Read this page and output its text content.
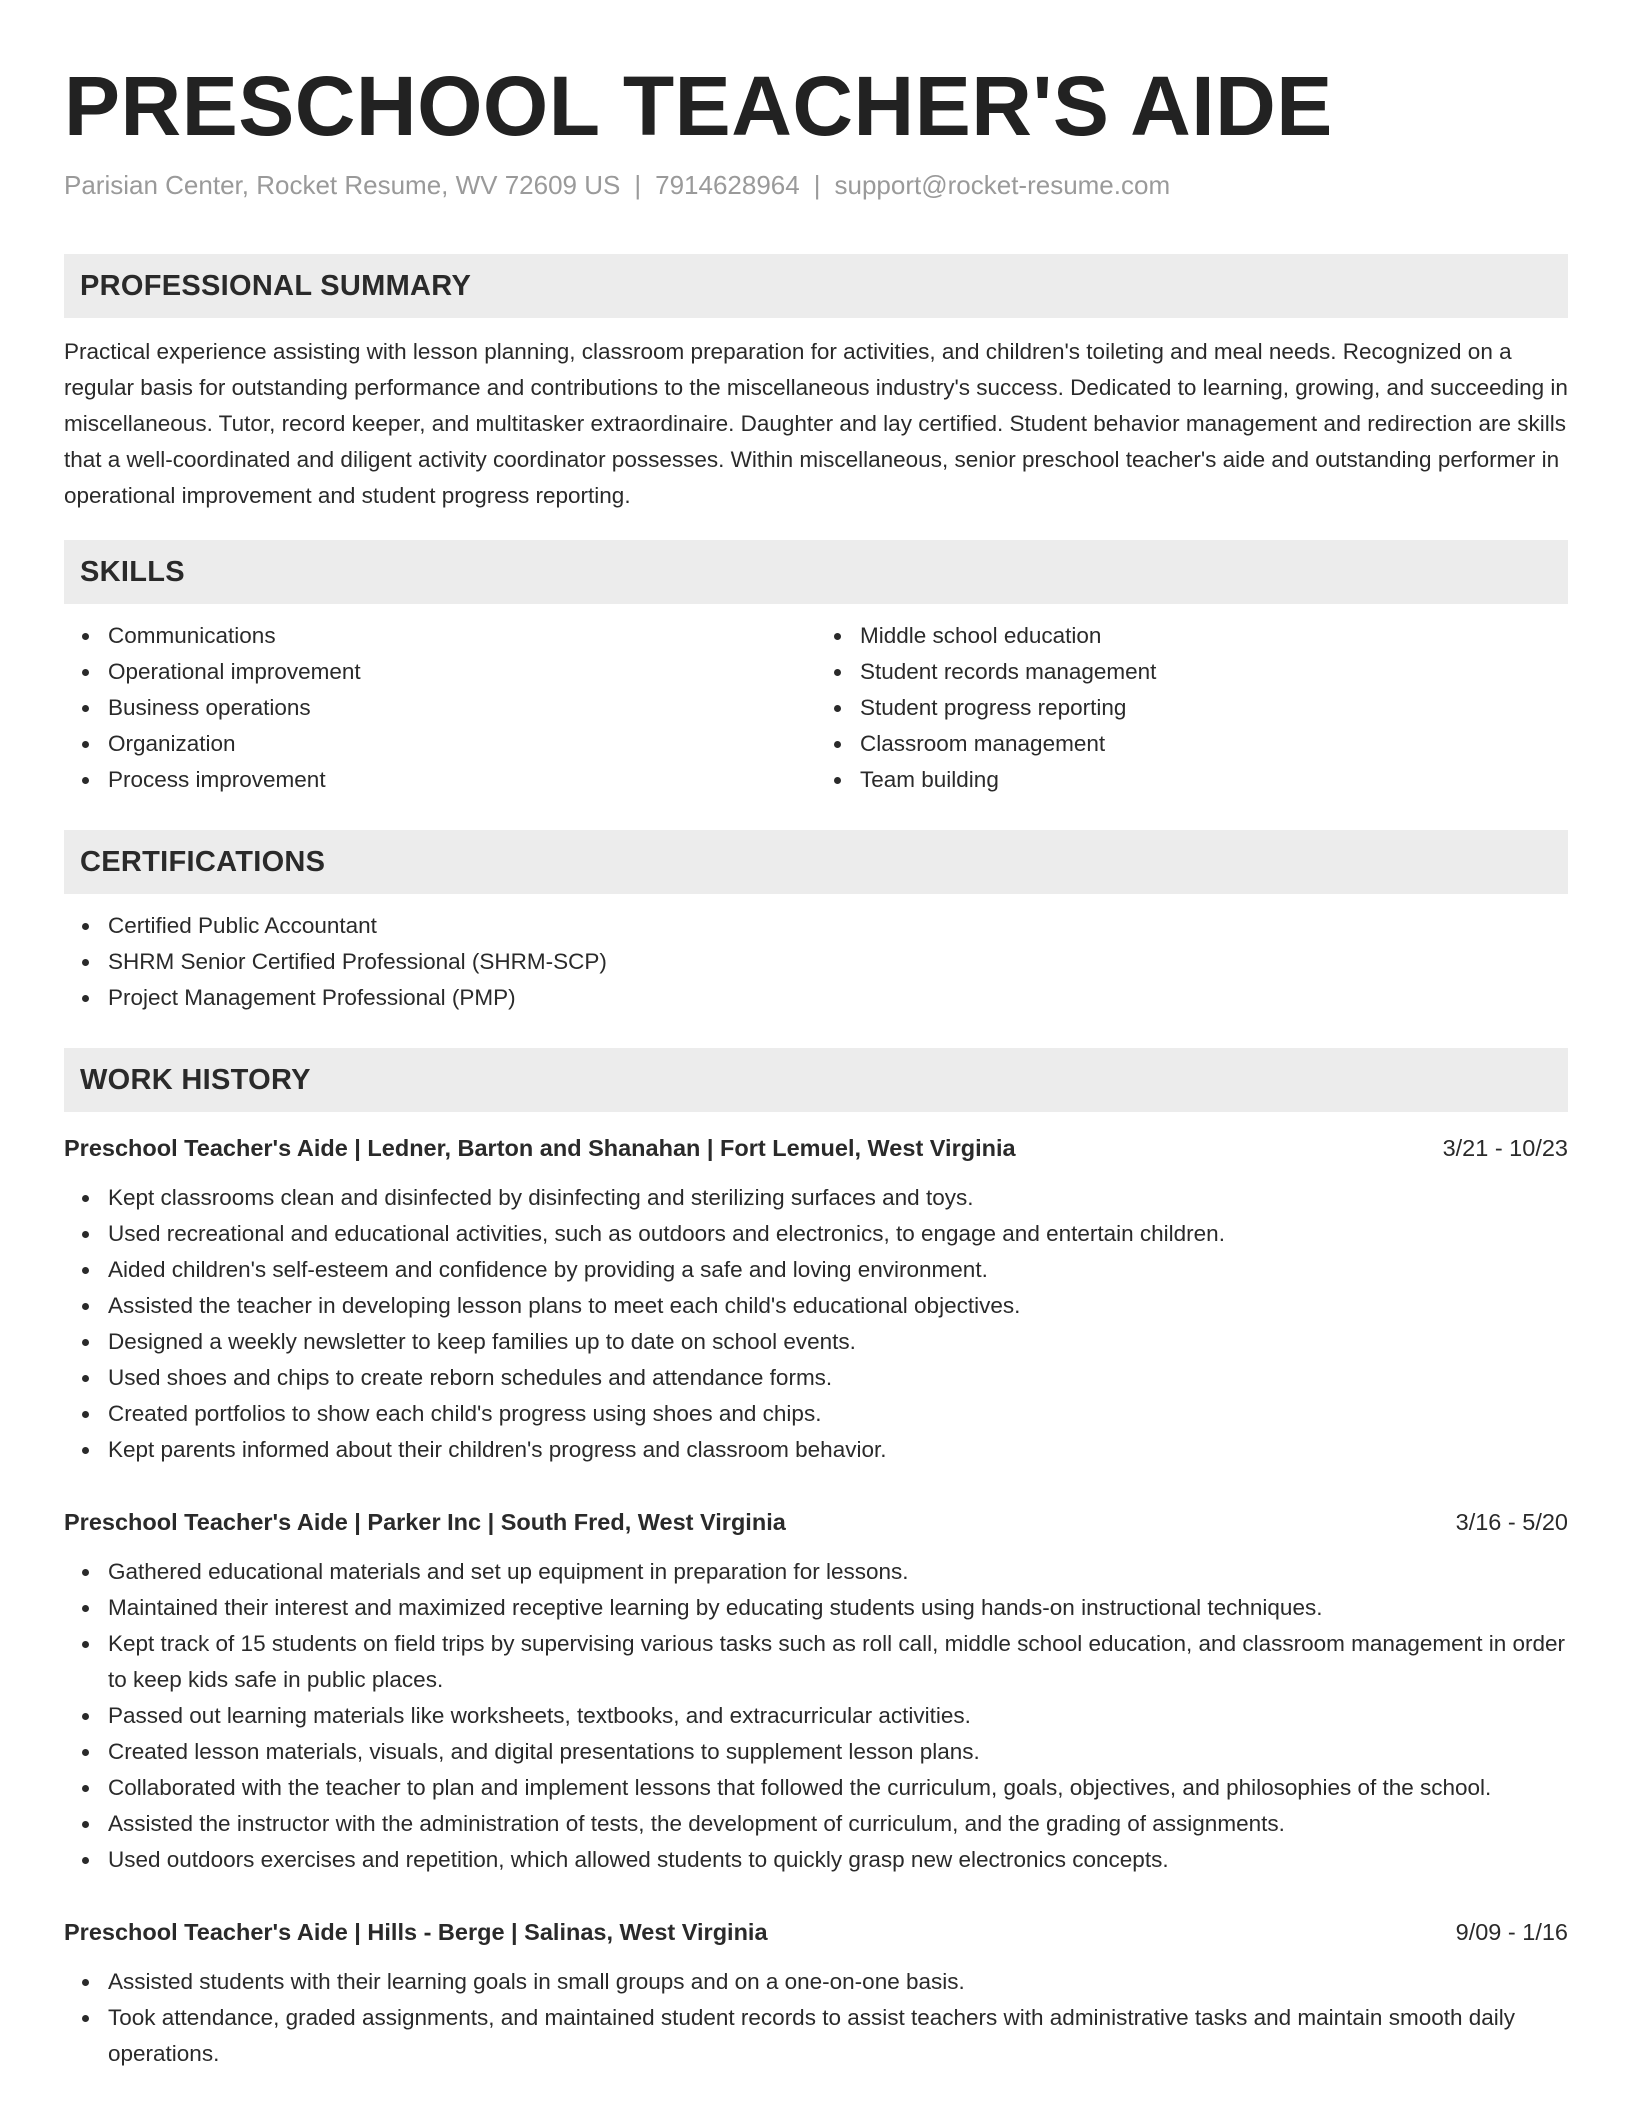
PRESCHOOL TEACHER'S AIDE
Parisian Center, Rocket Resume, WV 72609 US | 7914628964 | support@rocket-resume.com
PROFESSIONAL SUMMARY

Practical experience assisting with lesson planning, classroom preparation for activities, and children's toileting and meal needs. Recognized on a regular basis for outstanding performance and contributions to the miscellaneous industry's success. Dedicated to learning, growing, and succeeding in miscellaneous. Tutor, record keeper, and multitasker extraordinaire. Daughter and lay certified. Student behavior management and redirection are skills that a well-coordinated and diligent activity coordinator possesses. Within miscellaneous, senior preschool teacher's aide and outstanding performer in operational improvement and student progress reporting.

SKILLS
Communications
Operational improvement
Business operations
Organization
Process improvement
Middle school education
Student records management
Student progress reporting
Classroom management
Team building
CERTIFICATIONS
Certified Public Accountant
SHRM Senior Certified Professional (SHRM-SCP)
Project Management Professional (PMP)
WORK HISTORY
Preschool Teacher's Aide | Ledner, Barton and Shanahan | Fort Lemuel, West Virginia	3/21 - 10/23
Kept classrooms clean and disinfected by disinfecting and sterilizing surfaces and toys.
Used recreational and educational activities, such as outdoors and electronics, to engage and entertain children.
Aided children's self-esteem and confidence by providing a safe and loving environment.
Assisted the teacher in developing lesson plans to meet each child's educational objectives.
Designed a weekly newsletter to keep families up to date on school events.
Used shoes and chips to create reborn schedules and attendance forms.
Created portfolios to show each child's progress using shoes and chips.
Kept parents informed about their children's progress and classroom behavior.
Preschool Teacher's Aide | Parker Inc | South Fred, West Virginia	3/16 - 5/20
Gathered educational materials and set up equipment in preparation for lessons.
Maintained their interest and maximized receptive learning by educating students using hands-on instructional techniques.
Kept track of 15 students on field trips by supervising various tasks such as roll call, middle school education, and classroom management in order to keep kids safe in public places.
Passed out learning materials like worksheets, textbooks, and extracurricular activities.
Created lesson materials, visuals, and digital presentations to supplement lesson plans.
Collaborated with the teacher to plan and implement lessons that followed the curriculum, goals, objectives, and philosophies of the school.
Assisted the instructor with the administration of tests, the development of curriculum, and the grading of assignments.
Used outdoors exercises and repetition, which allowed students to quickly grasp new electronics concepts.
Preschool Teacher's Aide | Hills - Berge | Salinas, West Virginia	9/09 - 1/16
Assisted students with their learning goals in small groups and on a one-on-one basis.
Took attendance, graded assignments, and maintained student records to assist teachers with administrative tasks and maintain smooth daily operations.
